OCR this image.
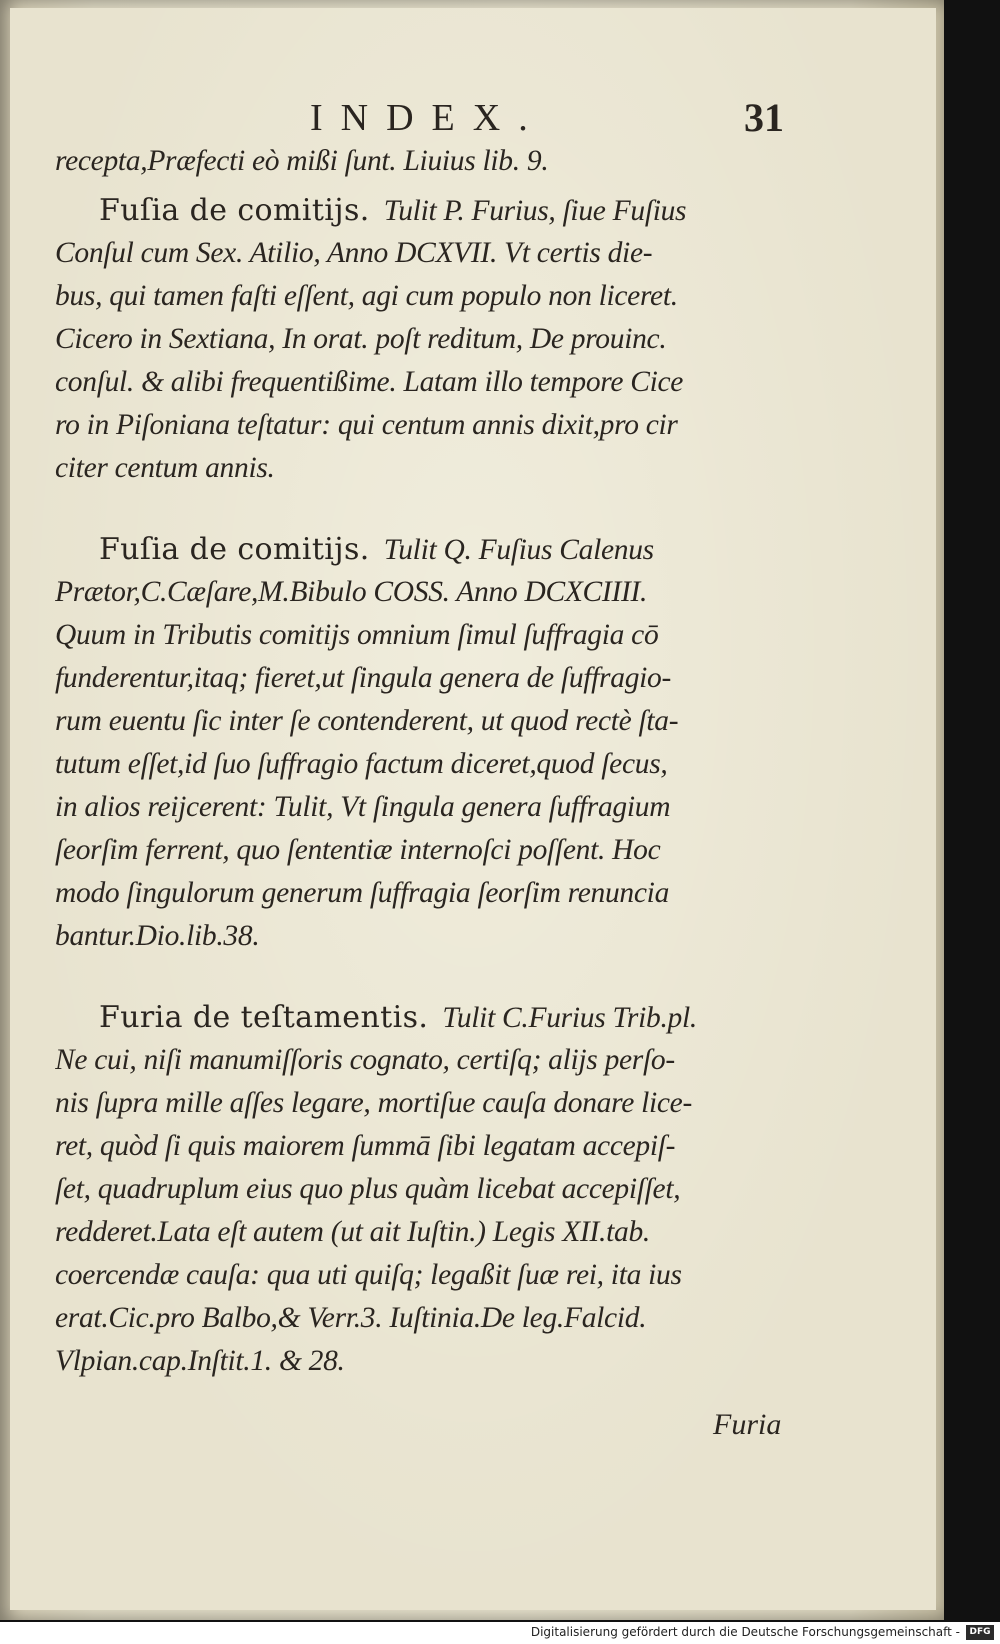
INDEX.	31
recepta,Præfecti eò mißi ſunt. Liuius lib. 9.
Fuſia de comitijs. Tulit P. Furius, ſiue Fuſius
Conſul cum Sex. Atilio, Anno DCXVII. Vt certis die-
bus, qui tamen faſti eſſent, agi cum populo non liceret.
Cicero in Sextiana, In orat. poſt reditum, De prouinc.
conſul. & alibi frequentißime. Latam illo tempore Cice
ro in Piſoniana teſtatur: qui centum annis dixit,pro cir
citer centum annis.
Fuſia de comitijs. Tulit Q. Fuſius Calenus
Prætor,C.Cæſare,M.Bibulo COSS. Anno DCXCIIII.
Quum in Tributis comitijs omnium ſimul ſuffragia cō
funderentur,itaq; fieret,ut ſingula genera de ſuffragio-
rum euentu ſic inter ſe contenderent, ut quod rectè ſta-
tutum eſſet,id ſuo ſuffragio factum diceret,quod ſecus,
in alios reijcerent: Tulit, Vt ſingula genera ſuffragium
ſeorſim ferrent, quo ſententiæ internoſci poſſent. Hoc
modo ſingulorum generum ſuffragia ſeorſim renuncia
bantur.Dio.lib.38.
Furia de teſtamentis. Tulit C.Furius Trib.pl.
Ne cui, niſi manumiſſoris cognato, certiſq; alijs perſo-
nis ſupra mille aſſes legare, mortiſue cauſa donare lice-
ret, quòd ſi quis maiorem ſummā ſibi legatam accepiſ-
ſet, quadruplum eius quo plus quàm licebat accepiſſet,
redderet.Lata eſt autem (ut ait Iuſtin.) Legis XII.tab.
coercendæ cauſa: qua uti quiſq; legaßit ſuæ rei, ita ius
erat.Cic.pro Balbo,& Verr.3. Iuſtinia.De leg.Falcid.
Vlpian.cap.Inſtit.1. & 28.
Furia
Digitalisierung gefördert durch die Deutsche Forschungsgemeinschaft -	DFG
